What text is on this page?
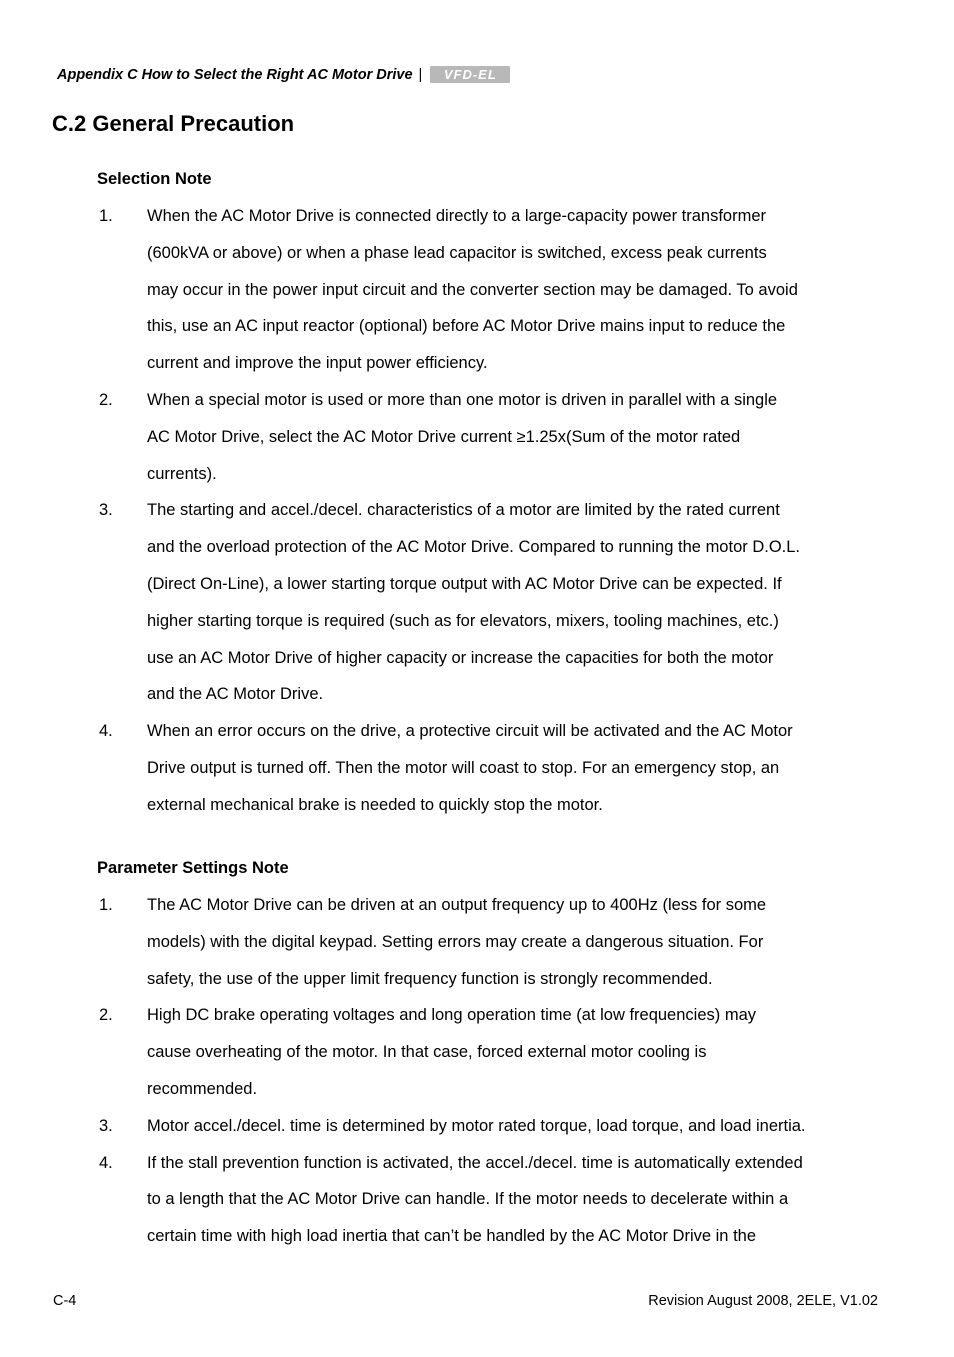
Appendix C How to Select the Right AC Motor Drive |	VFD-EL
C.2 General Precaution
Selection Note
1.	When the AC Motor Drive is connected directly to a large-capacity power transformer
(600kVA or above) or when a phase lead capacitor is switched, excess peak currents
may occur in the power input circuit and the converter section may be damaged. To avoid
this, use an AC input reactor (optional) before AC Motor Drive mains input to reduce the
current and improve the input power efficiency.
2.	When a special motor is used or more than one motor is driven in parallel with a single
AC Motor Drive, select the AC Motor Drive current ≥1.25x(Sum of the motor rated
currents).
3.	The starting and accel./decel. characteristics of a motor are limited by the rated current
and the overload protection of the AC Motor Drive. Compared to running the motor D.O.L.
(Direct On-Line), a lower starting torque output with AC Motor Drive can be expected. If
higher starting torque is required (such as for elevators, mixers, tooling machines, etc.)
use an AC Motor Drive of higher capacity or increase the capacities for both the motor
and the AC Motor Drive.
4.	When an error occurs on the drive, a protective circuit will be activated and the AC Motor
Drive output is turned off. Then the motor will coast to stop. For an emergency stop, an
external mechanical brake is needed to quickly stop the motor.
Parameter Settings Note
1.	The AC Motor Drive can be driven at an output frequency up to 400Hz (less for some
models) with the digital keypad. Setting errors may create a dangerous situation. For
safety, the use of the upper limit frequency function is strongly recommended.
2.	High DC brake operating voltages and long operation time (at low frequencies) may
cause overheating of the motor. In that case, forced external motor cooling is
recommended.
3.	Motor accel./decel. time is determined by motor rated torque, load torque, and load inertia.
4.	If the stall prevention function is activated, the accel./decel. time is automatically extended
to a length that the AC Motor Drive can handle. If the motor needs to decelerate within a
certain time with high load inertia that can’t be handled by the AC Motor Drive in the
C-4	Revision August 2008, 2ELE, V1.02
